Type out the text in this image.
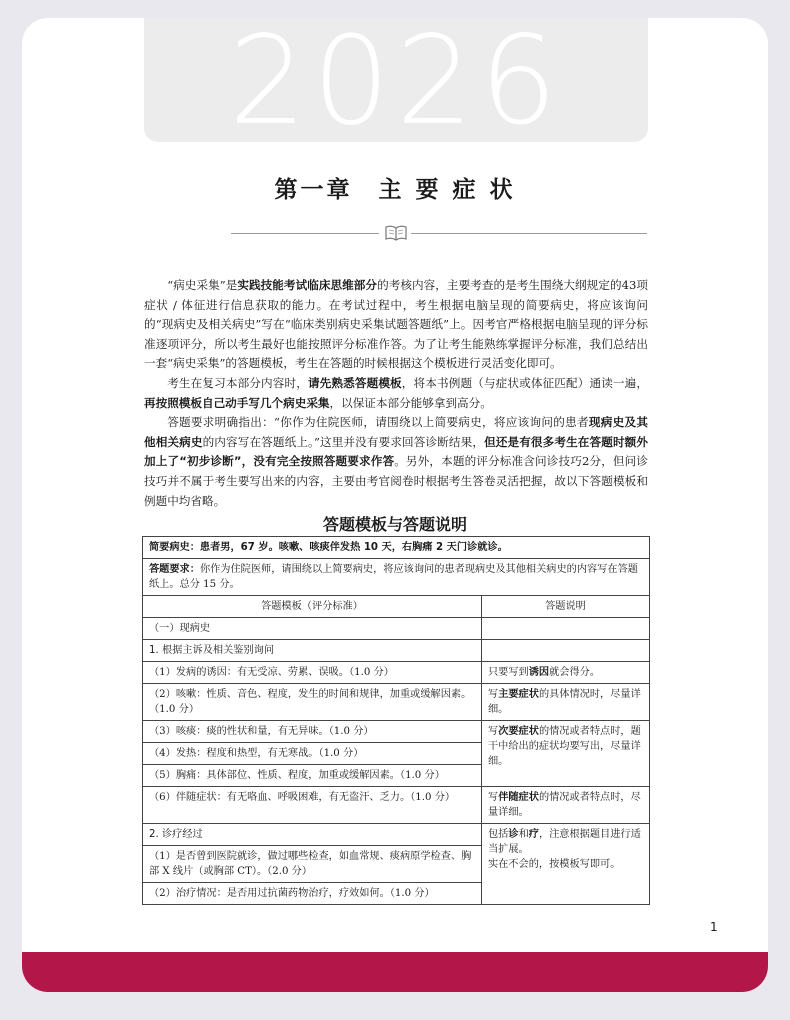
2026
第一章　主 要 症 状

“病史采集”是实践技能考试临床思维部分的考核内容，主要考查的是考生围绕大纲规定的43项症状 / 体征进行信息获取的能力。在考试过程中，考生根据电脑呈现的简要病史，将应该询问的“现病史及相关病史”写在“临床类别病史采集试题答题纸”上。因考官严格根据电脑呈现的评分标准逐项评分，所以考生最好也能按照评分标准作答。为了让考生能熟练掌握评分标准，我们总结出一套“病史采集”的答题模板，考生在答题的时候根据这个模板进行灵活变化即可。

考生在复习本部分内容时，请先熟悉答题模板，将本书例题（与症状或体征匹配）通读一遍，再按照模板自己动手写几个病史采集，以保证本部分能够拿到高分。

答题要求明确指出：“你作为住院医师，请围绕以上简要病史，将应该询问的患者现病史及其他相关病史的内容写在答题纸上。”这里并没有要求回答诊断结果，但还是有很多考生在答题时额外加上了“初步诊断”，没有完全按照答题要求作答。另外，本题的评分标准含问诊技巧2分，但问诊技巧并不属于考生要写出来的内容，主要由考官阅卷时根据考生答卷灵活把握，故以下答题模板和例题中均省略。

答题模板与答题说明
简要病史：患者男，67 岁。咳嗽、咳痰伴发热 10 天，右胸痛 2 天门诊就诊。	
答题要求：你作为住院医师，请围绕以上简要病史，将应该询问的患者现病史及其他相关病史的内容写在答题纸上。总分 15 分。	
答题模板（评分标准）	答题说明
（一）现病史	
1. 根据主诉及相关鉴别询问	
（1）发病的诱因：有无受凉、劳累、误吸。（1.0 分）	只要写到诱因就会得分。
（2）咳嗽：性质、音色、程度，发生的时间和规律，加重或缓解因素。（1.0 分）	写主要症状的具体情况时，尽量详细。
（3）咳痰：痰的性状和量，有无异味。（1.0 分）	写次要症状的情况或者特点时，题干中给出的症状均要写出，尽量详细。
（4）发热：程度和热型，有无寒战。（1.0 分）	
（5）胸痛：具体部位、性质、程度，加重或缓解因素。（1.0 分）	
（6）伴随症状：有无咯血、呼吸困难，有无盗汗、乏力。（1.0 分）	写伴随症状的情况或者特点时，尽量详细。
2. 诊疗经过	包括诊和疗，注意根据题目进行适当扩展。
实在不会的，按模板写即可。
（1）是否曾到医院就诊，做过哪些检查，如血常规、痰病原学检查、胸部 X 线片（或胸部 CT）。（2.0 分）	
（2）治疗情况：是否用过抗菌药物治疗，疗效如何。（1.0 分）	
1
